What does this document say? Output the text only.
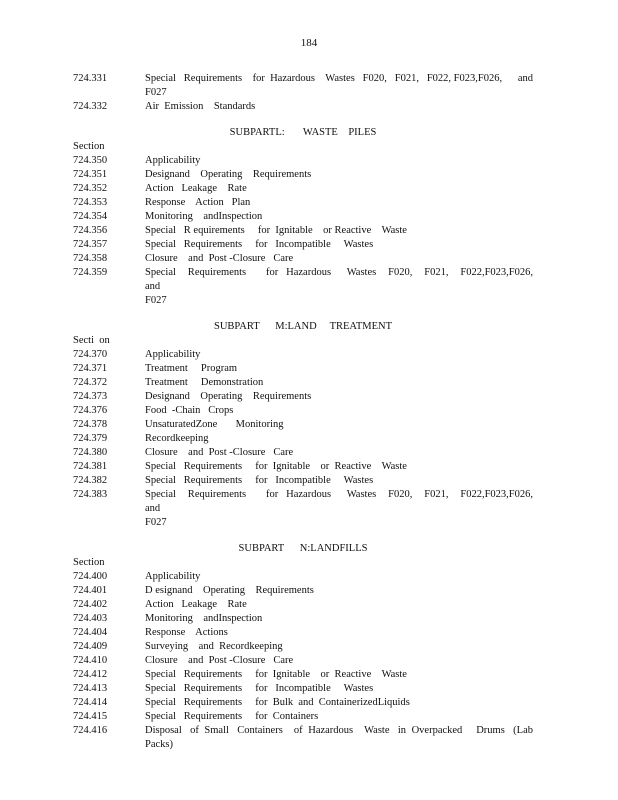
184
724.331	Special   Requirements    for  Hazardous    Wastes   F020,   F021,   F022, F023,F026,      and
F027
724.332	Air  Emission    Standards
SUBPARTL:       WASTE    PILES
Section
724.350	Applicability
724.351	Designand    Operating    Requirements
724.352	Action   Leakage    Rate
724.353	Response    Action   Plan
724.354	Monitoring    andInspection
724.356	Special   R equirements     for  Ignitable    or Reactive    Waste
724.357	Special   Requirements     for   Incompatible     Wastes
724.358	Closure    and  Post -Closure   Care
724.359	Special   Requirements     for  Hazardous    Wastes   F020,   F021,   F022,F023,F026,       and
F027
SUBPART      M:LAND     TREATMENT
Secti  on
724.370	Applicability
724.371	Treatment     Program
724.372	Treatment     Demonstration
724.373	Designand    Operating    Requirements
724.376	Food  -Chain   Crops
724.378	UnsaturatedZone       Monitoring
724.379	Recordkeeping
724.380	Closure    and  Post -Closure   Care
724.381	Special   Requirements     for  Ignitable    or  Reactive    Waste
724.382	Special   Requirements     for   Incompatible     Wastes
724.383	Special   Requirements     for  Hazardous    Wastes   F020,   F021,   F022,F023,F026,       and
F027
SUBPART      N:LANDFILLS
Section
724.400	Applicability
724.401	D esignand    Operating    Requirements
724.402	Action   Leakage    Rate
724.403	Monitoring    andInspection
724.404	Response    Actions
724.409	Surveying    and  Recordkeeping
724.410	Closure    and  Post -Closure   Care
724.412	Special   Requirements     for  Ignitable    or  Reactive    Waste
724.413	Special   Requirements     for   Incompatible     Wastes
724.414	Special   Requirements     for  Bulk  and  ContainerizedLiquids
724.415	Special   Requirements     for  Containers
724.416	Disposal   of  Small   Containers    of  Hazardous    Waste   in  Overpacked     Drums   (Lab
Packs)
